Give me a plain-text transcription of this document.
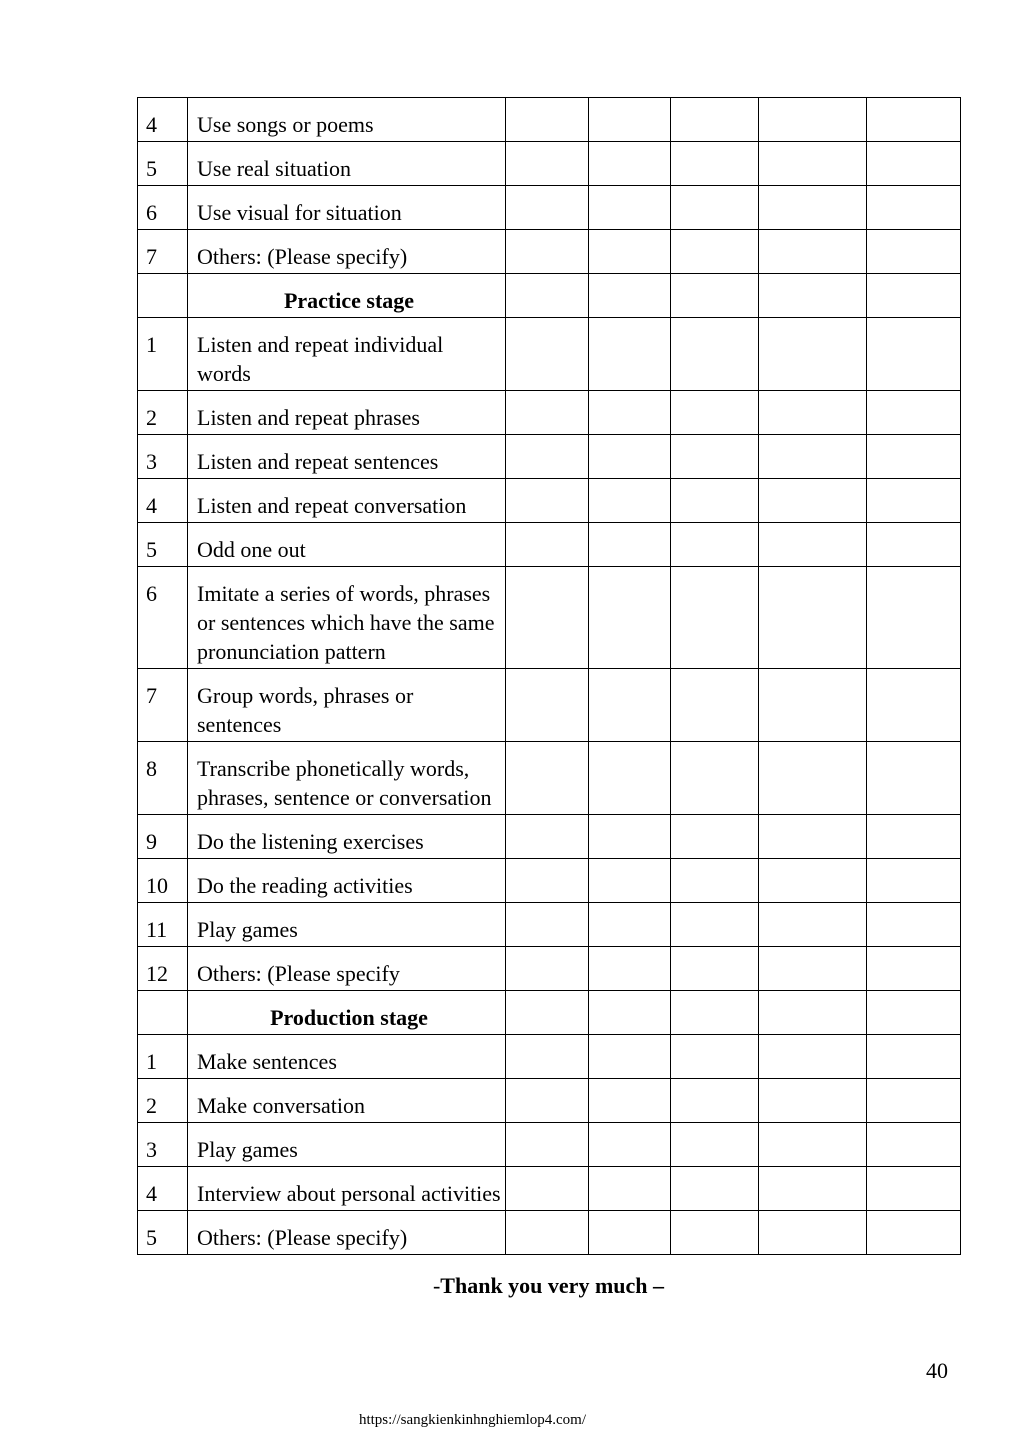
4	Use songs or poems					
5	Use real situation					
6	Use visual for situation					
7	Others: (Please specify)					
	Practice stage					
1	Listen and repeat individual words					
2	Listen and repeat phrases					
3	Listen and repeat sentences					
4	Listen and repeat conversation					
5	Odd one out					
6	Imitate a series of words, phrases or sentences which have the same pronunciation pattern					
7	Group words, phrases or sentences					
8	Transcribe phonetically words, phrases, sentence or conversation					
9	Do the listening exercises					
10	Do the reading activities					
11	Play games					
12	Others: (Please specify					
	Production stage					
1	Make sentences					
2	Make conversation					
3	Play games					
4	Interview about personal activities					
5	Others: (Please specify)					
-Thank you very much –
40
https://sangkienkinhnghiemlop4.com/
